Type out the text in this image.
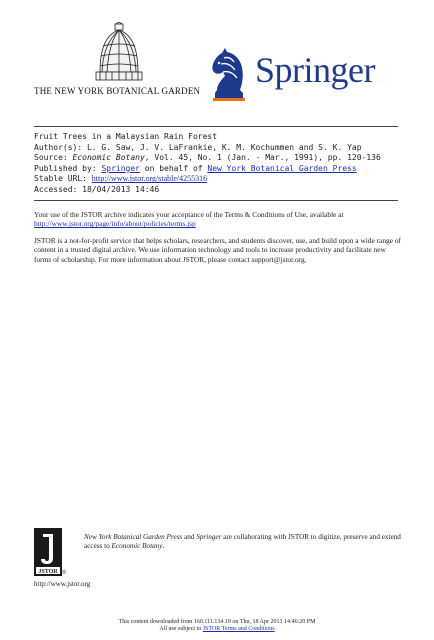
THE NEW YORK BOTANICAL GARDEN
Springer
Fruit Trees in a Malaysian Rain Forest
Author(s): L. G. Saw, J. V. LaFrankie, K. M. Kochummen and S. K. Yap
Source: Economic Botany, Vol. 45, No. 1 (Jan. - Mar., 1991), pp. 120-136
Published by: Springer on behalf of New York Botanical Garden Press
Stable URL: http://www.jstor.org/stable/4255316
Accessed: 18/04/2013 14:46
Your use of the JSTOR archive indicates your acceptance of the Terms & Conditions of Use, available at
http://www.jstor.org/page/info/about/policies/terms.jsp
JSTOR is a not-for-profit service that helps scholars, researchers, and students discover, use, and build upon a wide range of content in a trusted digital archive. We use information technology and tools to increase productivity and facilitate new forms of scholarship. For more information about JSTOR, please contact support@jstor.org.
JSTOR ®
http://www.jstor.org
New York Botanical Garden Press and Springer are collaborating with JSTOR to digitize, preserve and extend access to Economic Botany.
This content downloaded from 160.111.134.19 on Thu, 18 Apr 2013 14:46:20 PM
All use subject to JSTOR Terms and Conditions
